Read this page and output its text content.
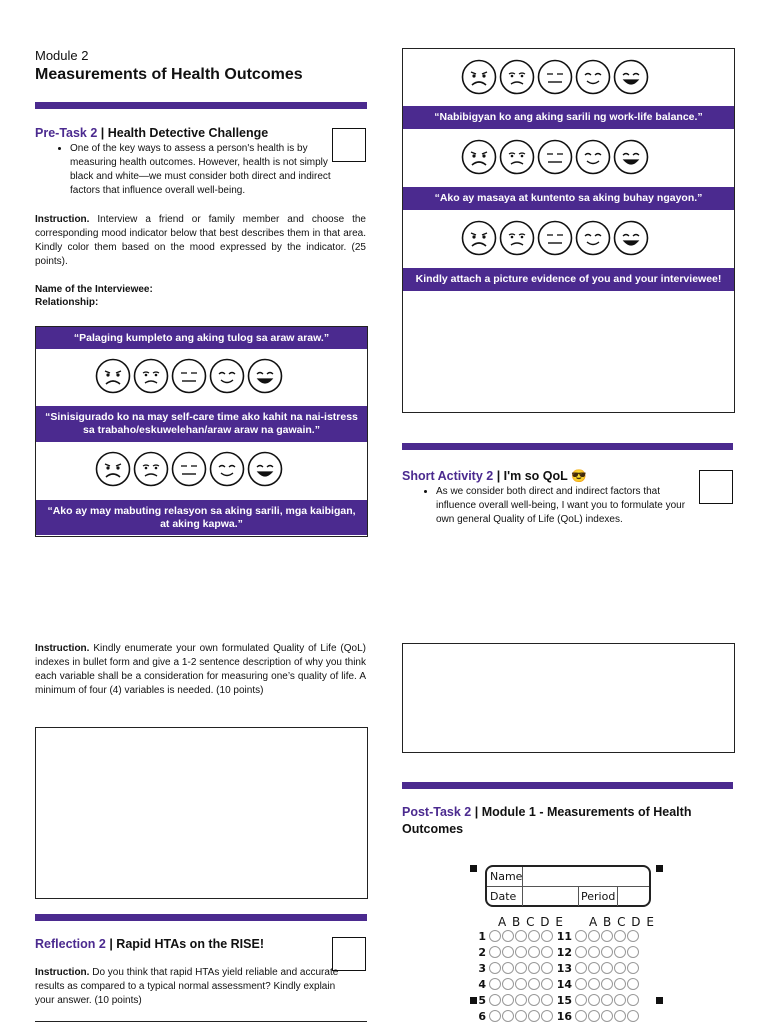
Module 2
Measurements of Health Outcomes
Pre-Task 2 | Health Detective Challenge
• One of the key ways to assess a person's health is by measuring health outcomes. However, health is not simply black and white—we must consider both direct and indirect factors that influence overall well-being.
Instruction. Interview a friend or family member and choose the corresponding mood indicator below that best describes them in that area. Kindly color them based on the mood expressed by the indicator. (25 points).
Name of the Interviewee:
Relationship:
“Palaging kumpleto ang aking tulog sa araw araw.”
“Sinisigurado ko na may self-care time ako kahit na nai-istress sa trabaho/eskuwelehan/araw araw na gawain.”
“Ako ay may mabuting relasyon sa aking sarili, mga kaibigan, at aking kapwa.”
“Nabibigyan ko ang aking sarili ng work-life balance.”
“Ako ay masaya at kuntento sa aking buhay ngayon.”
Kindly attach a picture evidence of you and your interviewee!
Short Activity 2 | I'm so QoL 😎
• As we consider both direct and indirect factors that influence overall well-being, I want you to formulate your own general Quality of Life (QoL) indexes.
Instruction. Kindly enumerate your own formulated Quality of Life (QoL) indexes in bullet form and give a 1-2 sentence description of why you think each variable shall be a consideration for measuring one’s quality of life. A minimum of four (4) variables is needed. (10 points)
Reflection 2 | Rapid HTAs on the RISE!
Instruction. Do you think that rapid HTAs yield reliable and accurate results as compared to a typical normal assessment? Kindly explain your answer. (10 points)
Post-Task 2 | Module 1 - Measurements of Health Outcomes
Name
Date	Period
A B C D E A B C D E
1
2
3
4
5
6
11
12
13
14
15
16
